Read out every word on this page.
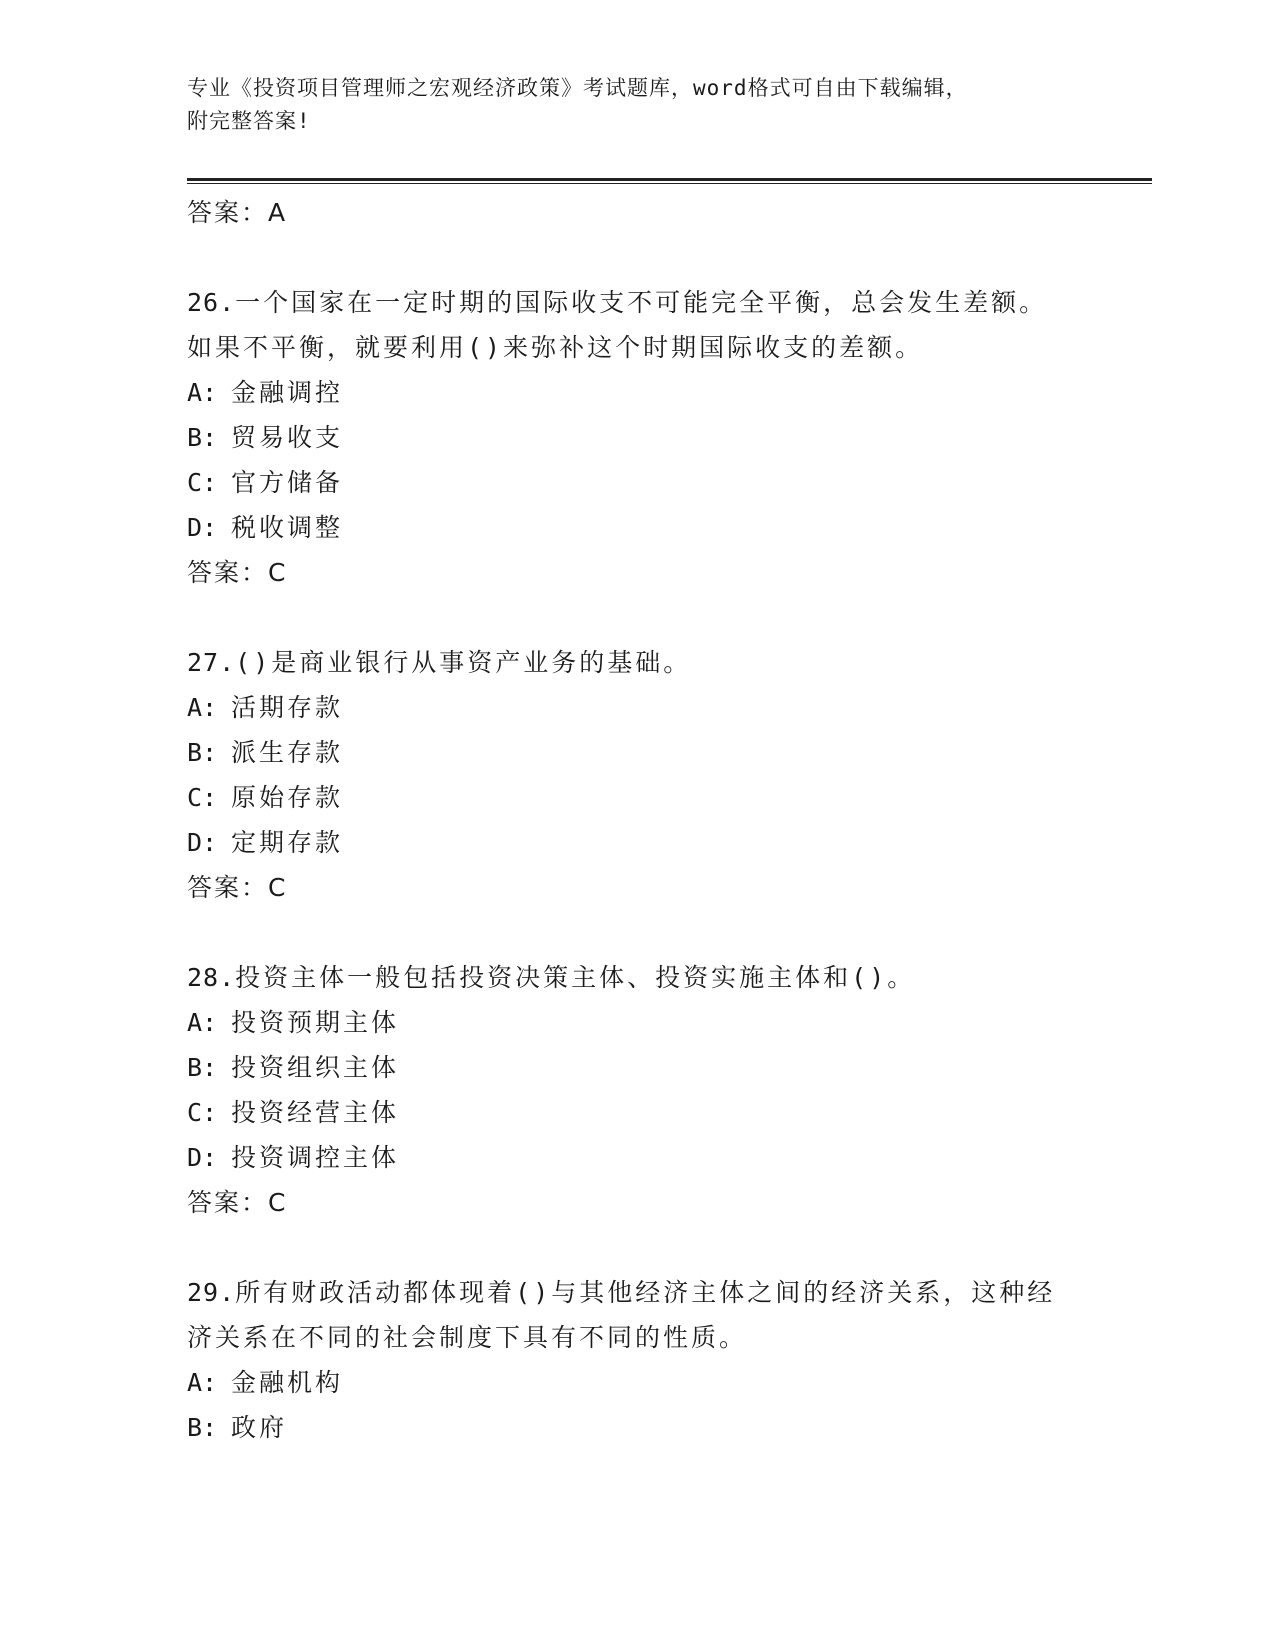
专业《投资项目管理师之宏观经济政策》考试题库，word格式可自由下载编辑，
附完整答案!
答案：A
26.一个国家在一定时期的国际收支不可能完全平衡，总会发生差额。
如果不平衡，就要利用()来弥补这个时期国际收支的差额。
A: 金融调控
B: 贸易收支
C: 官方储备
D: 税收调整
答案：C
27.()是商业银行从事资产业务的基础。
A: 活期存款
B: 派生存款
C: 原始存款
D: 定期存款
答案：C
28.投资主体一般包括投资决策主体、投资实施主体和()。
A: 投资预期主体
B: 投资组织主体
C: 投资经营主体
D: 投资调控主体
答案：C
29.所有财政活动都体现着()与其他经济主体之间的经济关系，这种经
济关系在不同的社会制度下具有不同的性质。
A: 金融机构
B: 政府
